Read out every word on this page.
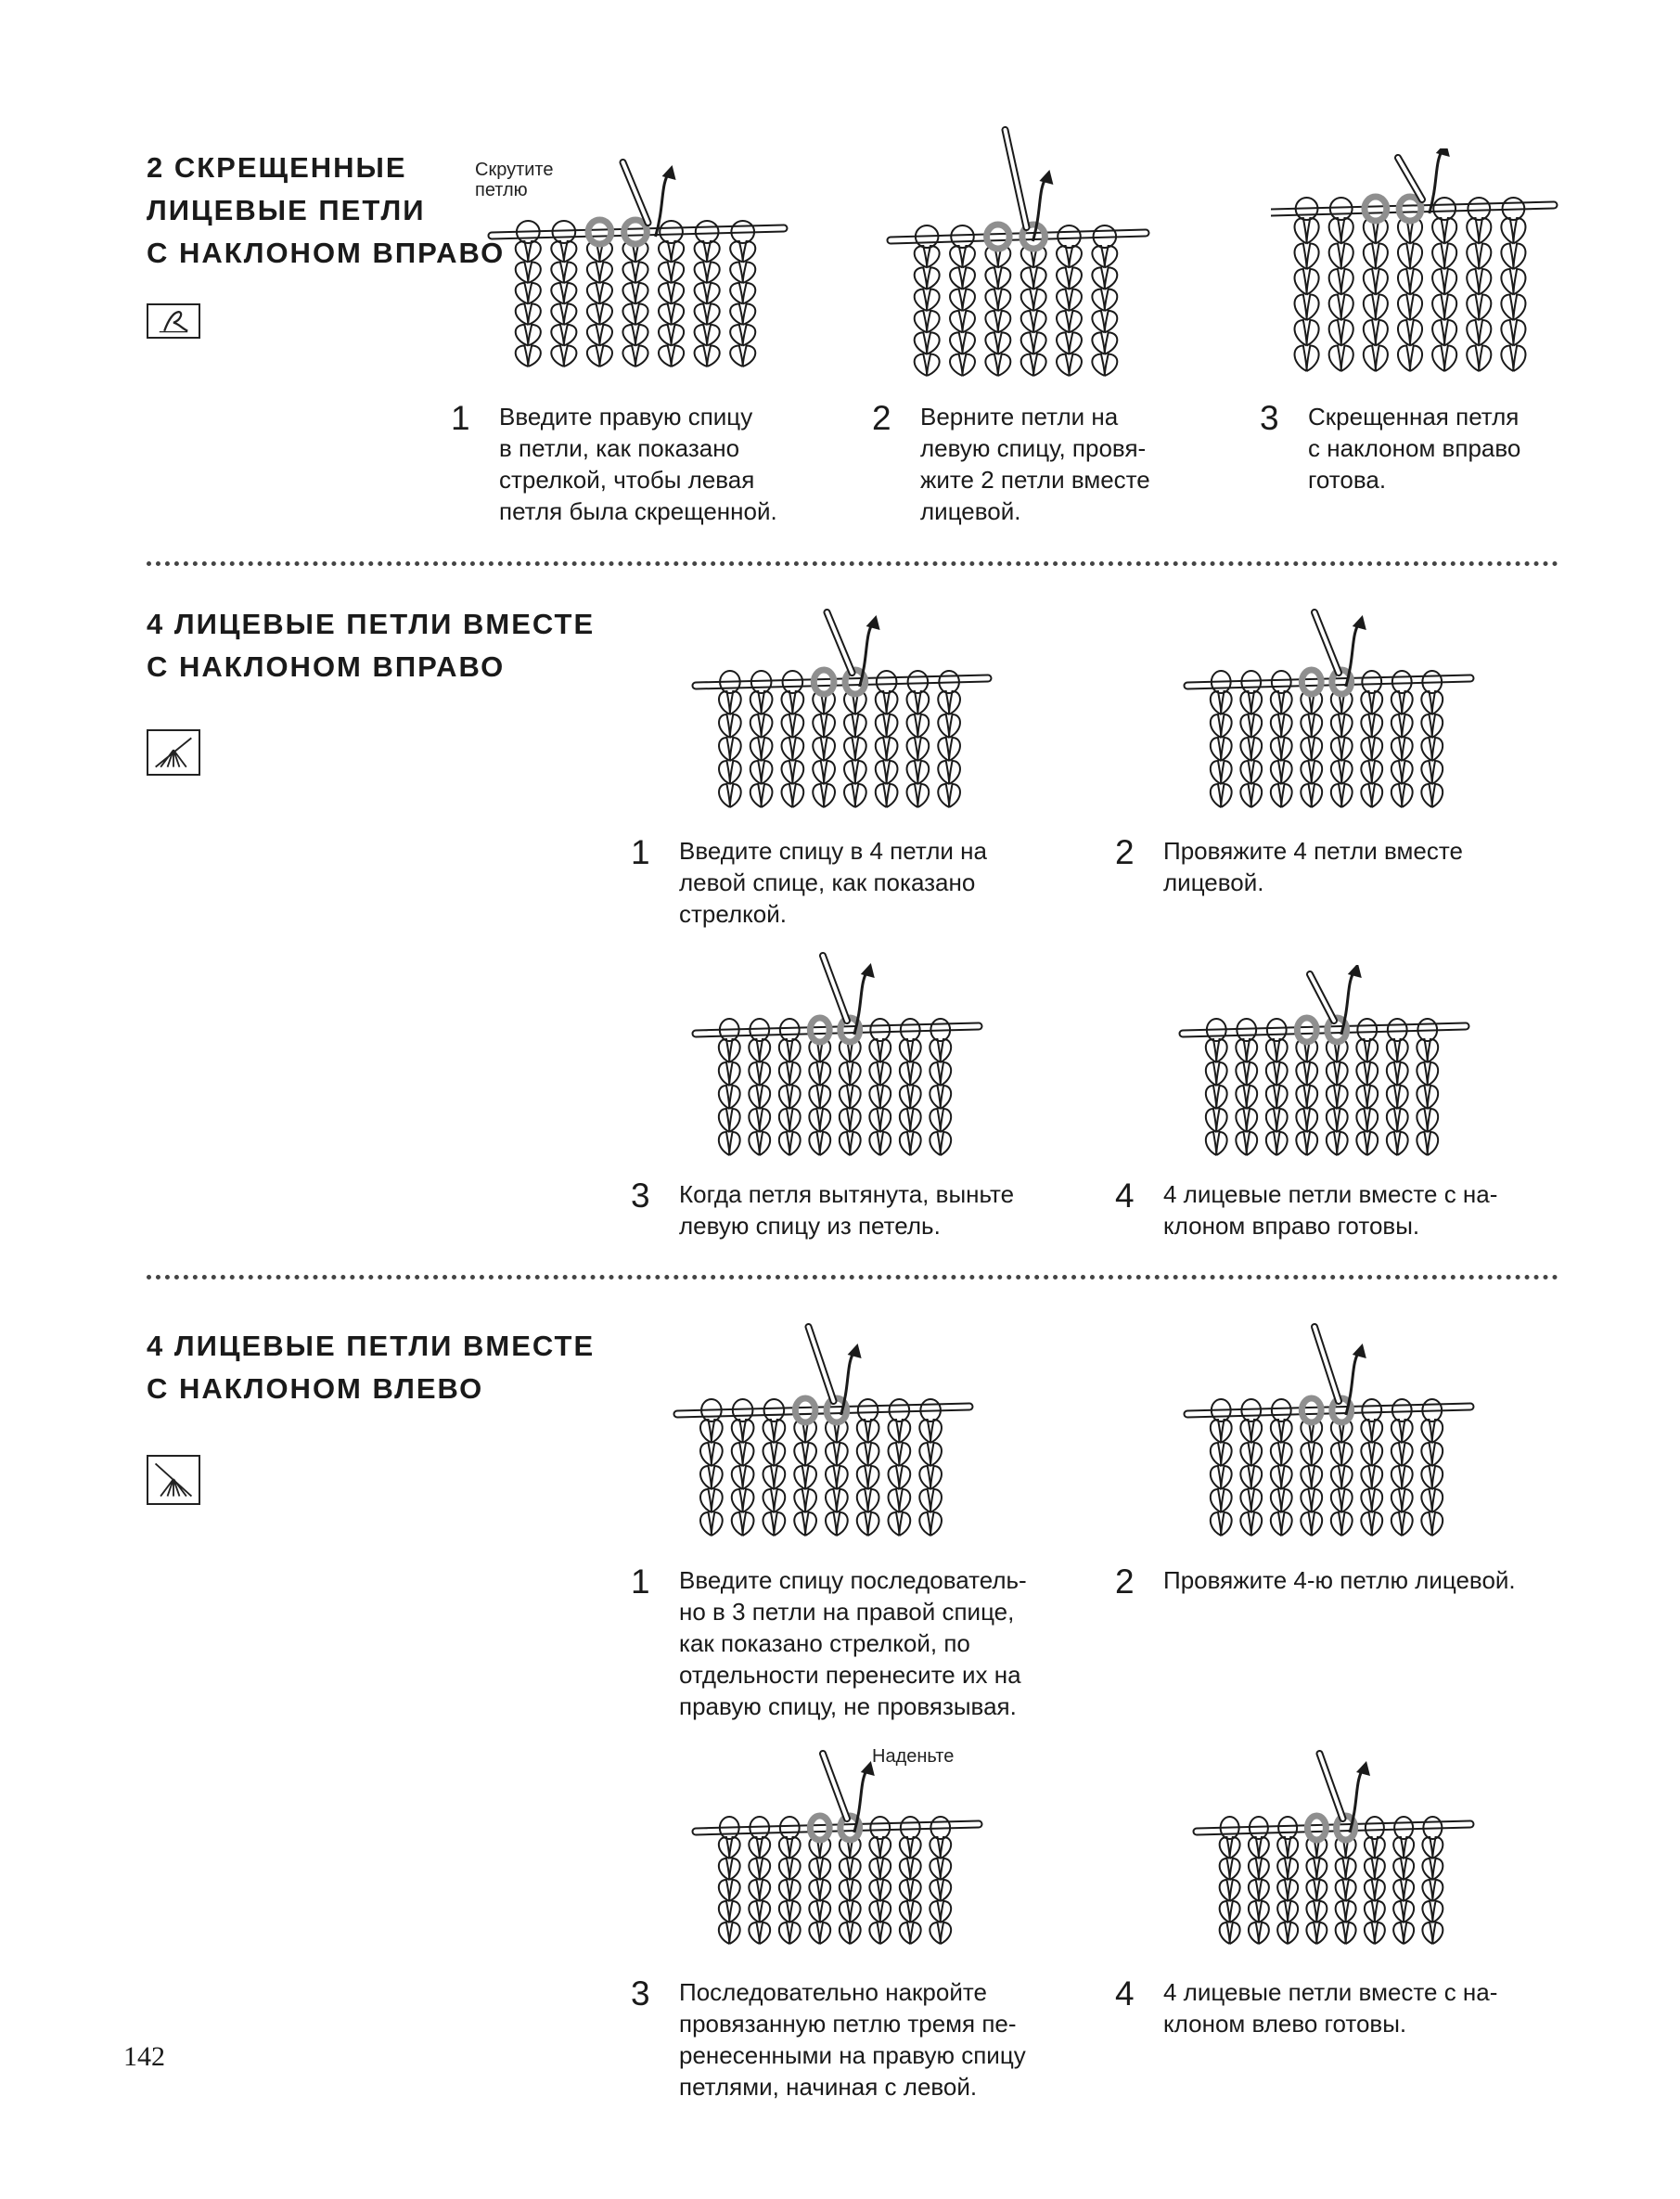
2 СКРЕЩЕННЫЕ
ЛИЦЕВЫЕ ПЕТЛИ
С НАКЛОНОМ ВПРАВО
Скрутите
петлю
1 Введите правую спицу
в петли, как показано
стрелкой, чтобы левая
петля была скрещенной.
2 Верните петли на
левую спицу, провя-
жите 2 петли вместе
лицевой.
3 Скрещенная петля
с наклоном вправо
готова.
4 ЛИЦЕВЫЕ ПЕТЛИ ВМЕСТЕ
С НАКЛОНОМ ВПРАВО
1 Введите спицу в 4 петли на
левой спице, как показано
стрелкой.
2 Провяжите 4 петли вместе
лицевой.
3 Когда петля вытянута, выньте
левую спицу из петель.
4 4 лицевые петли вместе с на-
клоном вправо готовы.
4 ЛИЦЕВЫЕ ПЕТЛИ ВМЕСТЕ
С НАКЛОНОМ ВЛЕВО
1 Введите спицу последователь-
но в 3 петли на правой спице,
как показано стрелкой, по
отдельности перенесите их на
правую спицу, не провязывая.
2 Провяжите 4-ю петлю лицевой.
Наденьте
3 Последовательно накройте
провязанную петлю тремя пе-
ренесенными на правую спицу
петлями, начиная с левой.
4 4 лицевые петли вместе с на-
клоном влево готовы.
142
